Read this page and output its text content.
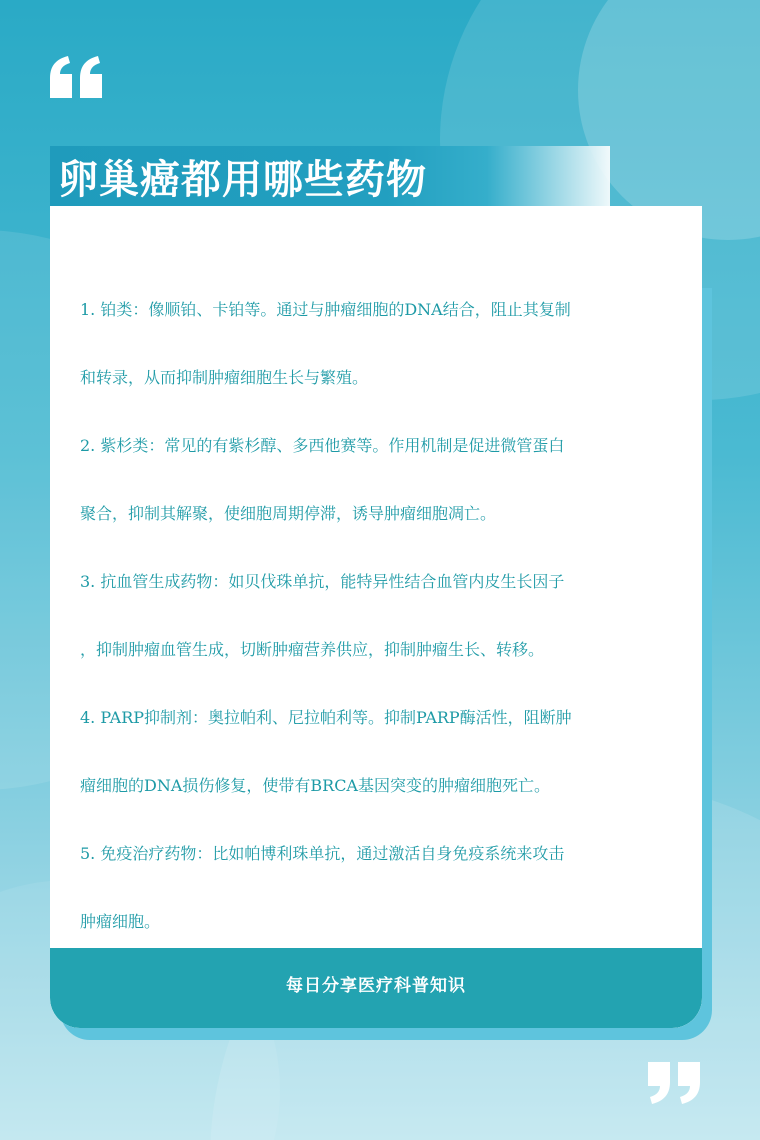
1. 铂类：像顺铂、卡铂等。通过与肿瘤细胞的DNA结合，阻止其复制
和转录，从而抑制肿瘤细胞生长与繁殖。
2. 紫杉类：常见的有紫杉醇、多西他赛等。作用机制是促进微管蛋白
聚合，抑制其解聚，使细胞周期停滞，诱导肿瘤细胞凋亡。
3. 抗血管生成药物：如贝伐珠单抗，能特异性结合血管内皮生长因子
，抑制肿瘤血管生成，切断肿瘤营养供应，抑制肿瘤生长、转移。
4. PARP抑制剂：奥拉帕利、尼拉帕利等。抑制PARP酶活性，阻断肿
瘤细胞的DNA损伤修复，使带有BRCA基因突变的肿瘤细胞死亡。
5. 免疫治疗药物：比如帕博利珠单抗，通过激活自身免疫系统来攻击
肿瘤细胞。
每日分享医疗科普知识
卵巢癌都用哪些药物
